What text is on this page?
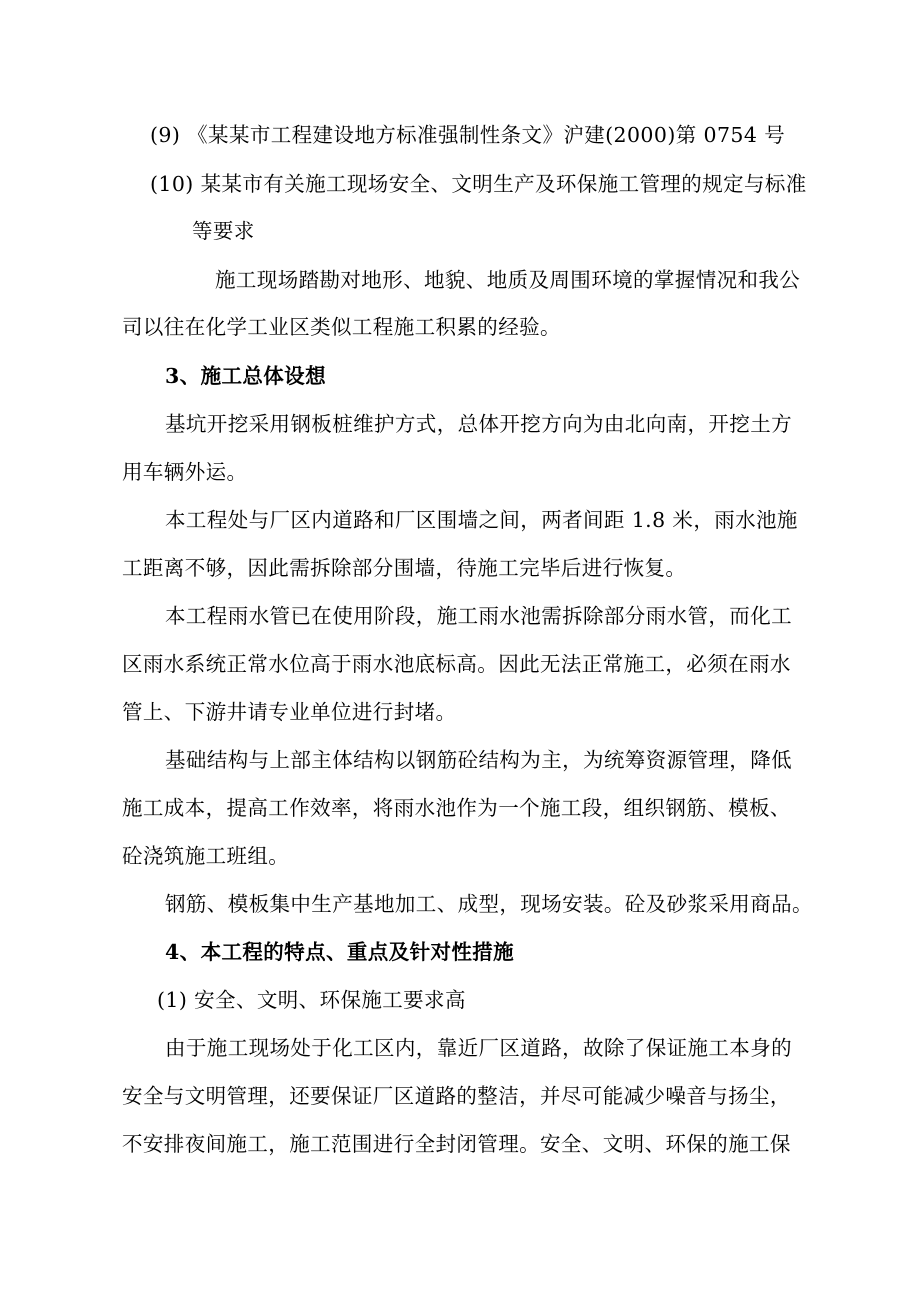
(9) 《某某市工程建设地方标准强制性条文》沪建(2000)第 0754 号
(10) 某某市有关施工现场安全、文明生产及环保施工管理的规定与标准
等要求
施工现场踏勘对地形、地貌、地质及周围环境的掌握情况和我公
司以往在化学工业区类似工程施工积累的经验。
3、施工总体设想
基坑开挖采用钢板桩维护方式，总体开挖方向为由北向南，开挖土方
用车辆外运。
本工程处与厂区内道路和厂区围墙之间，两者间距 1.8 米，雨水池施
工距离不够，因此需拆除部分围墙，待施工完毕后进行恢复。
本工程雨水管已在使用阶段，施工雨水池需拆除部分雨水管，而化工
区雨水系统正常水位高于雨水池底标高。因此无法正常施工，必须在雨水
管上、下游井请专业单位进行封堵。
基础结构与上部主体结构以钢筋砼结构为主，为统筹资源管理，降低
施工成本，提高工作效率，将雨水池作为一个施工段，组织钢筋、模板、
砼浇筑施工班组。
钢筋、模板集中生产基地加工、成型，现场安装。砼及砂浆采用商品。
4、本工程的特点、重点及针对性措施
(1) 安全、文明、环保施工要求高
由于施工现场处于化工区内，靠近厂区道路，故除了保证施工本身的
安全与文明管理，还要保证厂区道路的整洁，并尽可能减少噪音与扬尘，
不安排夜间施工，施工范围进行全封闭管理。安全、文明、环保的施工保
